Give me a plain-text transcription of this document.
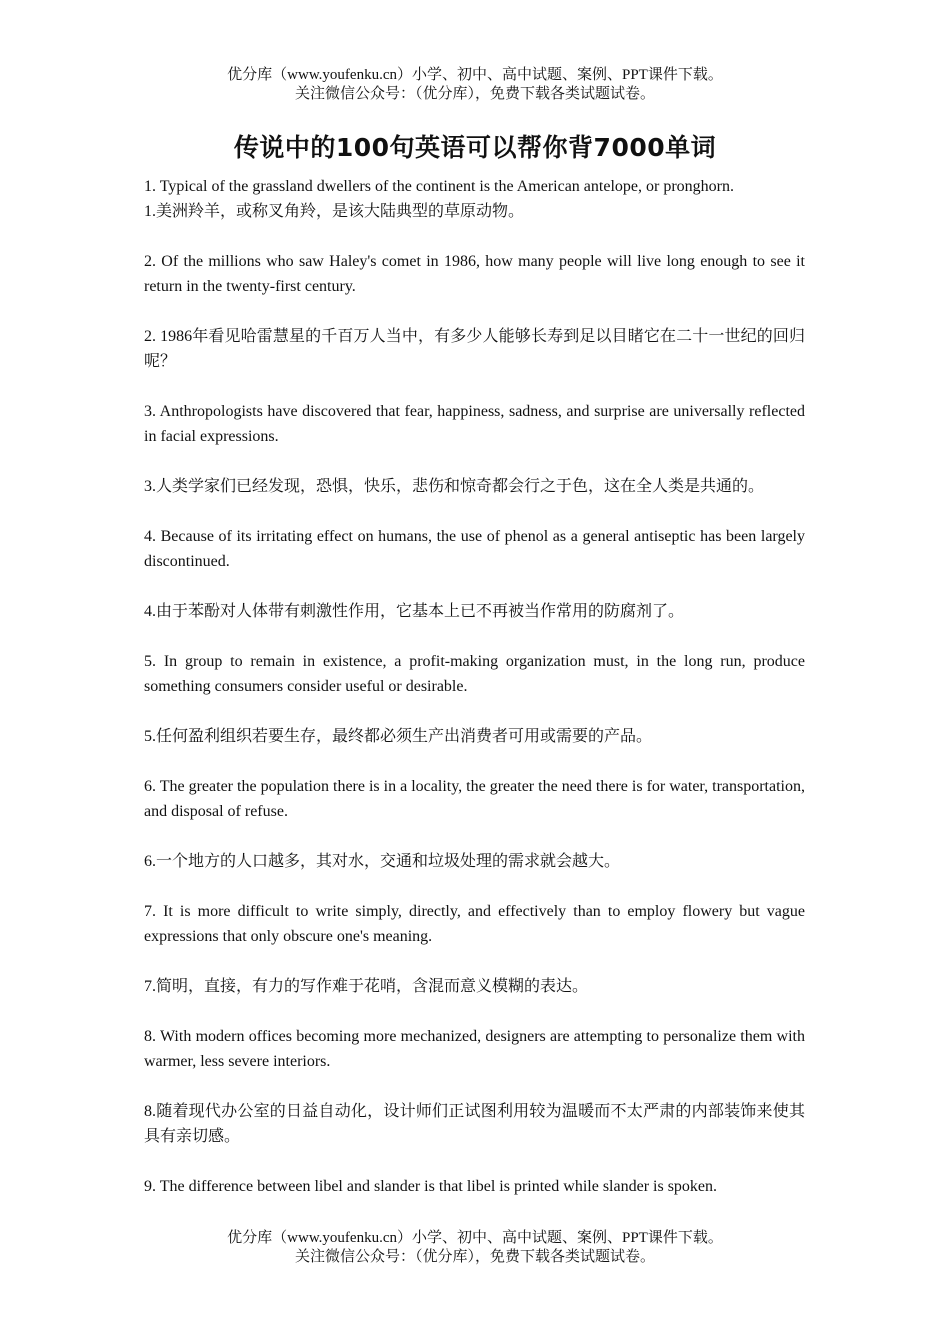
优分库（www.youfenku.cn）小学、初中、高中试题、案例、PPT课件下载。
关注微信公众号：（优分库），免费下载各类试题试卷。
传说中的100句英语可以帮你背7000单词

1. Typical of the grassland dwellers of the continent is the American antelope, or pronghorn.

1.美洲羚羊，或称叉角羚，是该大陆典型的草原动物。

2. Of the millions who saw Haley's comet in 1986, how many people will live long enough to see it return in the twenty-first century.

2. 1986年看见哈雷慧星的千百万人当中，有多少人能够长寿到足以目睹它在二十一世纪的回归呢？

3. Anthropologists have discovered that fear, happiness, sadness, and surprise are universally reflected in facial expressions.

3.人类学家们已经发现，恐惧，快乐，悲伤和惊奇都会行之于色，这在全人类是共通的。

4. Because of its irritating effect on humans, the use of phenol as a general antiseptic has been largely discontinued.

4.由于苯酚对人体带有刺激性作用，它基本上已不再被当作常用的防腐剂了。

5. In group to remain in existence, a profit-making organization must, in the long run, produce something consumers consider useful or desirable.

5.任何盈利组织若要生存，最终都必须生产出消费者可用或需要的产品。

6. The greater the population there is in a locality, the greater the need there is for water, transportation, and disposal of refuse.

6.一个地方的人口越多，其对水，交通和垃圾处理的需求就会越大。

7. It is more difficult to write simply, directly, and effectively than to employ flowery but vague expressions that only obscure one's meaning.

7.简明，直接，有力的写作难于花哨，含混而意义模糊的表达。

8. With modern offices becoming more mechanized, designers are attempting to personalize them with warmer, less severe interiors.

8.随着现代办公室的日益自动化，设计师们正试图利用较为温暖而不太严肃的内部装饰来使其具有亲切感。

9. The difference between libel and slander is that libel is printed while slander is spoken.

优分库（www.youfenku.cn）小学、初中、高中试题、案例、PPT课件下载。
关注微信公众号：（优分库），免费下载各类试题试卷。
